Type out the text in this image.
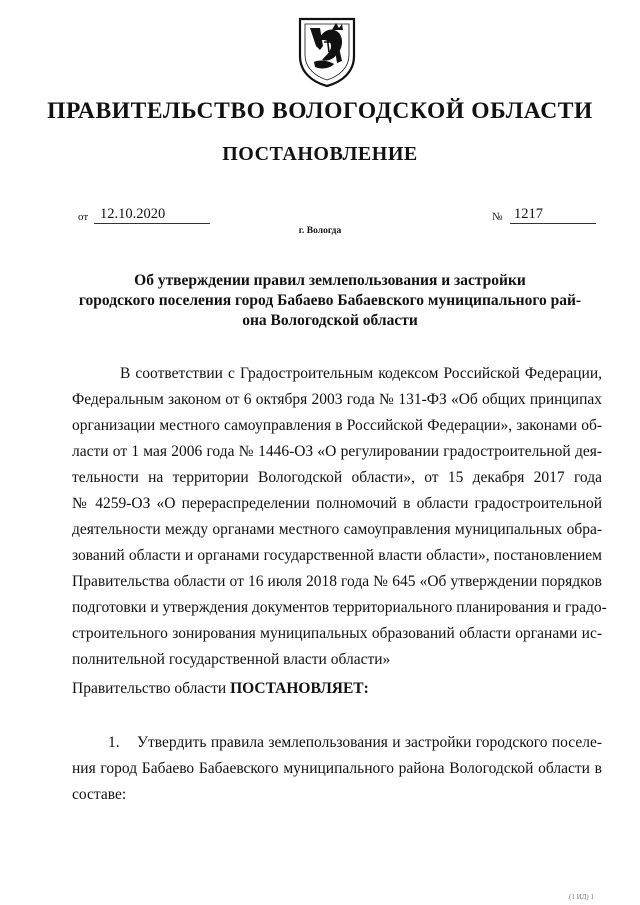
ПРАВИТЕЛЬСТВО ВОЛОГОДСКОЙ ОБЛАСТИ
ПОСТАНОВЛЕНИЕ
от 12.10.2020	№ 1217
г. Вологда
Об утверждении правил землепользования и застройки
городского поселения город Бабаево Бабаевского муниципального рай-
она Вологодской области
В соответствии с Градостроительным кодексом Российской Федерации,
Федеральным законом от 6 октября 2003 года № 131-ФЗ «Об общих принципах
организации местного самоуправления в Российской Федерации», законами об-
ласти от 1 мая 2006 года № 1446-ОЗ «О регулировании градостроительной дея-
тельности на территории Вологодской области», от 15 декабря 2017 года
№ 4259-ОЗ «О перераспределении полномочий в области градостроительной
деятельности между органами местного самоуправления муниципальных обра-
зований области и органами государственной власти области», постановлением
Правительства области от 16 июля 2018 года № 645 «Об утверждении порядков
подготовки и утверждения документов территориального планирования и градо-
строительного зонирования муниципальных образований области органами ис-
полнительной государственной власти области»
Правительство области ПОСТАНОВЛЯЕТ:
1.    Утвердить правила землепользования и застройки городского поселе-
ния город Бабаево Бабаевского муниципального района Вологодской области в
составе:
(1 ИД) 1
